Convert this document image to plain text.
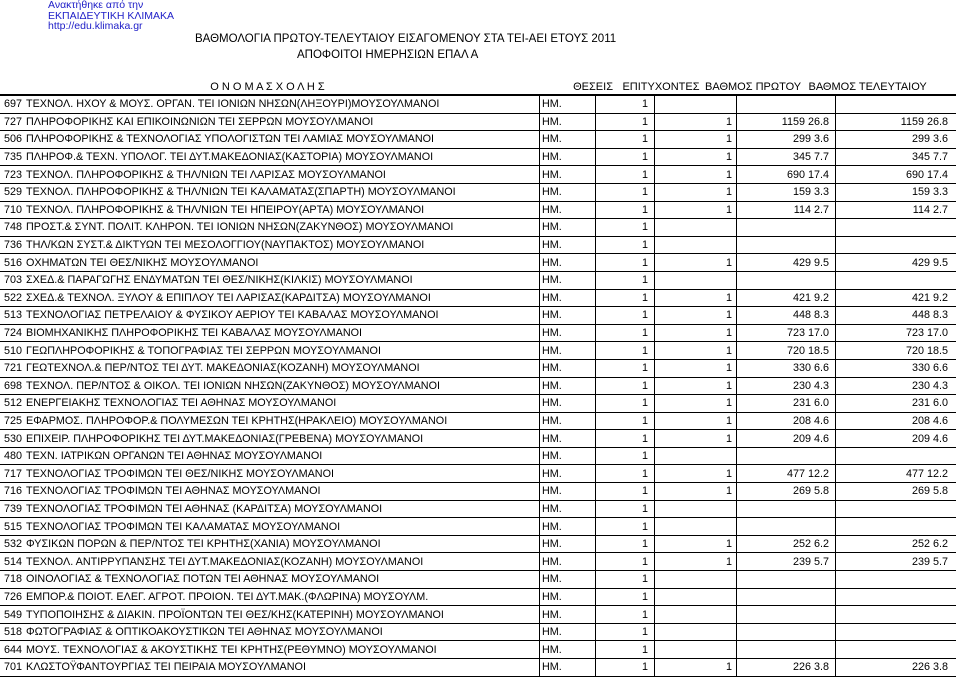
Ανακτήθηκε από την
ΕΚΠΑΙΔΕΥΤΙΚΗ ΚΛΙΜΑΚΑ
http://edu.klimaka.gr
ΒΑΘΜΟΛΟΓΙΑ ΠΡΩΤΟΥ-ΤΕΛΕΥΤΑΙΟΥ ΕΙΣΑΓΟΜΕΝΟΥ ΣΤΑ ΤΕΙ-ΑΕΙ ΕΤΟΥΣ 2011
ΑΠΟΦΟΙΤΟΙ ΗΜΕΡΗΣΙΩΝ ΕΠΑΛ Α
Ο Ν Ο Μ Α Σ Χ Ο Λ Η Σ	ΘΕΣΕΙΣ	ΕΠΙΤΥΧΟΝΤΕΣ	ΒΑΘΜΟΣ ΠΡΩΤΟΥ	ΒΑΘΜΟΣ ΤΕΛΕΥΤΑΙΟΥ
697	ΤΕΧΝΟΛ. ΗΧΟΥ & ΜΟΥΣ. ΟΡΓΑΝ. ΤΕΙ ΙΟΝΙΩΝ ΝΗΣΩΝ(ΛΗΞΟΥΡΙ)ΜΟΥΣΟΥΛΜΑΝΟΙ	ΗΜ.	1			
727	ΠΛΗΡΟΦΟΡΙΚΗΣ ΚΑΙ ΕΠΙΚΟΙΝΩΝΙΩΝ ΤΕΙ ΣΕΡΡΩΝ ΜΟΥΣΟΥΛΜΑΝΟΙ	ΗΜ.	1	1	1159 26.8	1159 26.8
506	ΠΛΗΡΟΦΟΡΙΚΗΣ & ΤΕΧΝΟΛΟΓΙΑΣ ΥΠΟΛΟΓΙΣΤΩΝ ΤΕΙ ΛΑΜΙΑΣ ΜΟΥΣΟΥΛΜΑΝΟΙ	ΗΜ.	1	1	299 3.6	299 3.6
735	ΠΛΗΡΟΦ.& ΤΕΧΝ. ΥΠΟΛΟΓ. ΤΕΙ ΔΥΤ.ΜΑΚΕΔΟΝΙΑΣ(ΚΑΣΤΟΡΙΑ) ΜΟΥΣΟΥΛΜΑΝΟΙ	ΗΜ.	1	1	345 7.7	345 7.7
723	ΤΕΧΝΟΛ. ΠΛΗΡΟΦΟΡΙΚΗΣ & ΤΗΛ/ΝΙΩΝ ΤΕΙ ΛΑΡΙΣΑΣ ΜΟΥΣΟΥΛΜΑΝΟΙ	ΗΜ.	1	1	690 17.4	690 17.4
529	ΤΕΧΝΟΛ. ΠΛΗΡΟΦΟΡΙΚΗΣ & ΤΗΛ/ΝΙΩΝ ΤΕΙ ΚΑΛΑΜΑΤΑΣ(ΣΠΑΡΤΗ) ΜΟΥΣΟΥΛΜΑΝΟΙ	ΗΜ.	1	1	159 3.3	159 3.3
710	ΤΕΧΝΟΛ. ΠΛΗΡΟΦΟΡΙΚΗΣ & ΤΗΛ/ΝΙΩΝ ΤΕΙ ΗΠΕΙΡΟΥ(ΑΡΤΑ) ΜΟΥΣΟΥΛΜΑΝΟΙ	ΗΜ.	1	1	114 2.7	114 2.7
748	ΠΡΟΣΤ.& ΣΥΝΤ. ΠΟΛΙΤ. ΚΛΗΡΟΝ. ΤΕΙ ΙΟΝΙΩΝ ΝΗΣΩΝ(ΖΑΚΥΝΘΟΣ) ΜΟΥΣΟΥΛΜΑΝΟΙ	ΗΜ.	1			
736	ΤΗΛ/ΚΩΝ ΣΥΣΤ.& ΔΙΚΤΥΩΝ ΤΕΙ ΜΕΣΟΛΟΓΓΙΟΥ(ΝΑΥΠΑΚΤΟΣ) ΜΟΥΣΟΥΛΜΑΝΟΙ	ΗΜ.	1			
516	ΟΧΗΜΑΤΩΝ ΤΕΙ ΘΕΣ/ΝΙΚΗΣ ΜΟΥΣΟΥΛΜΑΝΟΙ	ΗΜ.	1	1	429 9.5	429 9.5
703	ΣΧΕΔ.& ΠΑΡΑΓΩΓΗΣ ΕΝΔΥΜΑΤΩΝ ΤΕΙ ΘΕΣ/ΝΙΚΗΣ(ΚΙΛΚΙΣ) ΜΟΥΣΟΥΛΜΑΝΟΙ	ΗΜ.	1			
522	ΣΧΕΔ.& ΤΕΧΝΟΛ. ΞΥΛΟΥ & ΕΠΙΠΛΟΥ ΤΕΙ ΛΑΡΙΣΑΣ(ΚΑΡΔΙΤΣΑ) ΜΟΥΣΟΥΛΜΑΝΟΙ	ΗΜ.	1	1	421 9.2	421 9.2
513	ΤΕΧΝΟΛΟΓΙΑΣ ΠΕΤΡΕΛΑΙΟΥ & ΦΥΣΙΚΟΥ ΑΕΡΙΟΥ ΤΕΙ ΚΑΒΑΛΑΣ ΜΟΥΣΟΥΛΜΑΝΟΙ	ΗΜ.	1	1	448 8.3	448 8.3
724	ΒΙΟΜΗΧΑΝΙΚΗΣ ΠΛΗΡΟΦΟΡΙΚΗΣ ΤΕΙ ΚΑΒΑΛΑΣ ΜΟΥΣΟΥΛΜΑΝΟΙ	ΗΜ.	1	1	723 17.0	723 17.0
510	ΓΕΩΠΛΗΡΟΦΟΡΙΚΗΣ & ΤΟΠΟΓΡΑΦΙΑΣ ΤΕΙ ΣΕΡΡΩΝ ΜΟΥΣΟΥΛΜΑΝΟΙ	ΗΜ.	1	1	720 18.5	720 18.5
721	ΓΕΩΤΕΧΝΟΛ.& ΠΕΡ/ΝΤΟΣ ΤΕΙ ΔΥΤ. ΜΑΚΕΔΟΝΙΑΣ(ΚΟΖΑΝΗ) ΜΟΥΣΟΥΛΜΑΝΟΙ	ΗΜ.	1	1	330 6.6	330 6.6
698	ΤΕΧΝΟΛ. ΠΕΡ/ΝΤΟΣ & ΟΙΚΟΛ. ΤΕΙ ΙΟΝΙΩΝ ΝΗΣΩΝ(ΖΑΚΥΝΘΟΣ) ΜΟΥΣΟΥΛΜΑΝΟΙ	ΗΜ.	1	1	230 4.3	230 4.3
512	ΕΝΕΡΓΕΙΑΚΗΣ ΤΕΧΝΟΛΟΓΙΑΣ ΤΕΙ ΑΘΗΝΑΣ ΜΟΥΣΟΥΛΜΑΝΟΙ	ΗΜ.	1	1	231 6.0	231 6.0
725	ΕΦΑΡΜΟΣ. ΠΛΗΡΟΦΟΡ.& ΠΟΛΥΜΕΣΩΝ ΤΕΙ ΚΡΗΤΗΣ(ΗΡΑΚΛΕΙΟ) ΜΟΥΣΟΥΛΜΑΝΟΙ	ΗΜ.	1	1	208 4.6	208 4.6
530	ΕΠΙΧΕΙΡ. ΠΛΗΡΟΦΟΡΙΚΗΣ ΤΕΙ ΔΥΤ.ΜΑΚΕΔΟΝΙΑΣ(ΓΡΕΒΕΝΑ) ΜΟΥΣΟΥΛΜΑΝΟΙ	ΗΜ.	1	1	209 4.6	209 4.6
480	ΤΕΧΝ. ΙΑΤΡΙΚΩΝ ΟΡΓΑΝΩΝ ΤΕΙ ΑΘΗΝΑΣ ΜΟΥΣΟΥΛΜΑΝΟΙ	ΗΜ.	1			
717	ΤΕΧΝΟΛΟΓΙΑΣ ΤΡΟΦΙΜΩΝ ΤΕΙ ΘΕΣ/ΝΙΚΗΣ ΜΟΥΣΟΥΛΜΑΝΟΙ	ΗΜ.	1	1	477 12.2	477 12.2
716	ΤΕΧΝΟΛΟΓΙΑΣ ΤΡΟΦΙΜΩΝ ΤΕΙ ΑΘΗΝΑΣ ΜΟΥΣΟΥΛΜΑΝΟΙ	ΗΜ.	1	1	269 5.8	269 5.8
739	ΤΕΧΝΟΛΟΓΙΑΣ ΤΡΟΦΙΜΩΝ ΤΕΙ ΑΘΗΝΑΣ (ΚΑΡΔΙΤΣΑ) ΜΟΥΣΟΥΛΜΑΝΟΙ	ΗΜ.	1			
515	ΤΕΧΝΟΛΟΓΙΑΣ ΤΡΟΦΙΜΩΝ ΤΕΙ ΚΑΛΑΜΑΤΑΣ ΜΟΥΣΟΥΛΜΑΝΟΙ	ΗΜ.	1			
532	ΦΥΣΙΚΩΝ ΠΟΡΩΝ & ΠΕΡ/ΝΤΟΣ ΤΕΙ ΚΡΗΤΗΣ(ΧΑΝΙΑ) ΜΟΥΣΟΥΛΜΑΝΟΙ	ΗΜ.	1	1	252 6.2	252 6.2
514	ΤΕΧΝΟΛ. ΑΝΤΙΡΡΥΠΑΝΣΗΣ ΤΕΙ ΔΥΤ.ΜΑΚΕΔΟΝΙΑΣ(ΚΟΖΑΝΗ) ΜΟΥΣΟΥΛΜΑΝΟΙ	ΗΜ.	1	1	239 5.7	239 5.7
718	ΟΙΝΟΛΟΓΙΑΣ & ΤΕΧΝΟΛΟΓΙΑΣ ΠΟΤΩΝ ΤΕΙ ΑΘΗΝΑΣ ΜΟΥΣΟΥΛΜΑΝΟΙ	ΗΜ.	1			
726	ΕΜΠΟΡ.& ΠΟΙΟΤ. ΕΛΕΓ. ΑΓΡΟΤ. ΠΡΟΙΟΝ. ΤΕΙ ΔΥΤ.ΜΑΚ.(ΦΛΩΡΙΝΑ) ΜΟΥΣΟΥΛΜ.	ΗΜ.	1			
549	ΤΥΠΟΠΟΙΗΣΗΣ & ΔΙΑΚΙΝ. ΠΡΟΪΟΝΤΩΝ ΤΕΙ ΘΕΣ/ΚΗΣ(ΚΑΤΕΡΙΝΗ) ΜΟΥΣΟΥΛΜΑΝΟΙ	ΗΜ.	1			
518	ΦΩΤΟΓΡΑΦΙΑΣ & ΟΠΤΙΚΟΑΚΟΥΣΤΙΚΩΝ ΤΕΙ ΑΘΗΝΑΣ ΜΟΥΣΟΥΛΜΑΝΟΙ	ΗΜ.	1			
644	ΜΟΥΣ. ΤΕΧΝΟΛΟΓΙΑΣ & ΑΚΟΥΣΤΙΚΗΣ ΤΕΙ ΚΡΗΤΗΣ(ΡΕΘΥΜΝΟ) ΜΟΥΣΟΥΛΜΑΝΟΙ	ΗΜ.	1			
701	ΚΛΩΣΤΟΫΦΑΝΤΟΥΡΓΙΑΣ ΤΕΙ ΠΕΙΡΑΙΑ ΜΟΥΣΟΥΛΜΑΝΟΙ	ΗΜ.	1	1	226 3.8	226 3.8
